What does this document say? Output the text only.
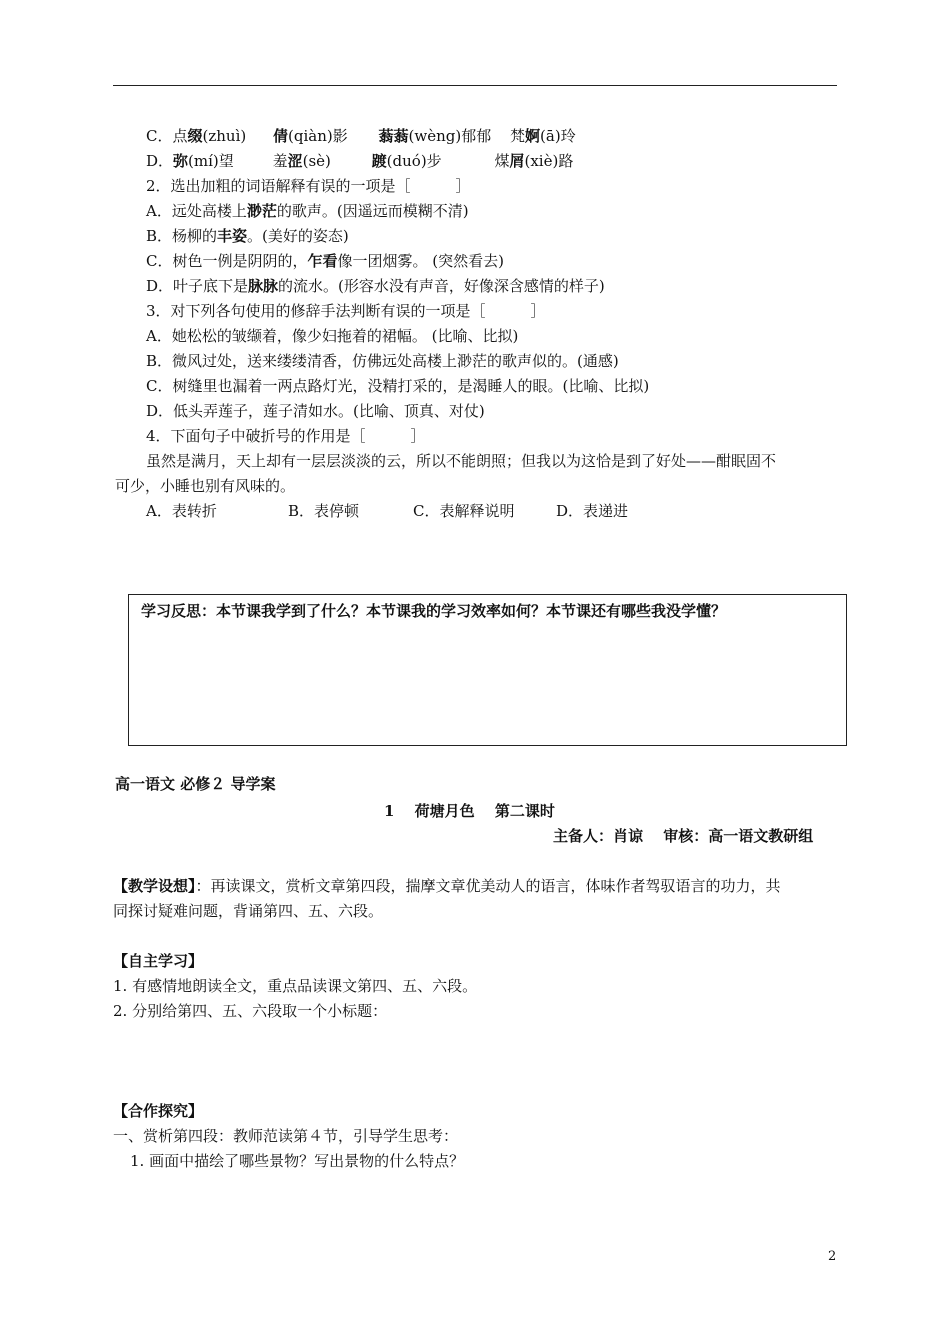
C．点缀(zhuì) 倩(qiàn)影 蓊蓊(wèng)郁郁 梵婀(ā)玲
D．弥(mí)望	羞涩(sè)	踱(duó)步	煤屑(xiè)路
2．选出加粗的词语解释有误的一项是［　　　］
A．远处高楼上渺茫的歌声。(因遥远而模糊不清)
B．杨柳的丰姿。(美好的姿态)
C．树色一例是阴阴的，乍看像一团烟雾。 (突然看去)
D．叶子底下是脉脉的流水。(形容水没有声音，好像深含感情的样子)
3．对下列各句使用的修辞手法判断有误的一项是［　　　］
A．她松松的皱缬着，像少妇拖着的裙幅。 (比喻、比拟)
B．微风过处，送来缕缕清香，仿佛远处高楼上渺茫的歌声似的。(通感)
C．树缝里也漏着一两点路灯光，没精打采的，是渴睡人的眼。(比喻、比拟)
D．低头弄莲子，莲子清如水。(比喻、顶真、对仗)
4．下面句子中破折号的作用是［　　　］
虽然是满月，天上却有一层层淡淡的云，所以不能朗照；但我以为这恰是到了好处——酣眠固不
可少，小睡也别有风味的。
A．表转折	B．表停顿	C．表解释说明	D．表递进
学习反思：本节课我学到了什么？本节课我的学习效率如何？本节课还有哪些我没学懂？
高一语文 必修２ 导学案
1　 荷塘月色　 第二课时
主备人：肖谅　 审核：高一语文教研组
【教学设想】：再读课文，赏析文章第四段，揣摩文章优美动人的语言，体味作者驾驭语言的功力，共
同探讨疑难问题，背诵第四、五、六段。
【自主学习】
1. 有感情地朗读全文，重点品读课文第四、五、六段。
2. 分别给第四、五、六段取一个小标题：
【合作探究】
一、赏析第四段：教师范读第４节，引导学生思考：
1. 画面中描绘了哪些景物？写出景物的什么特点？
2
